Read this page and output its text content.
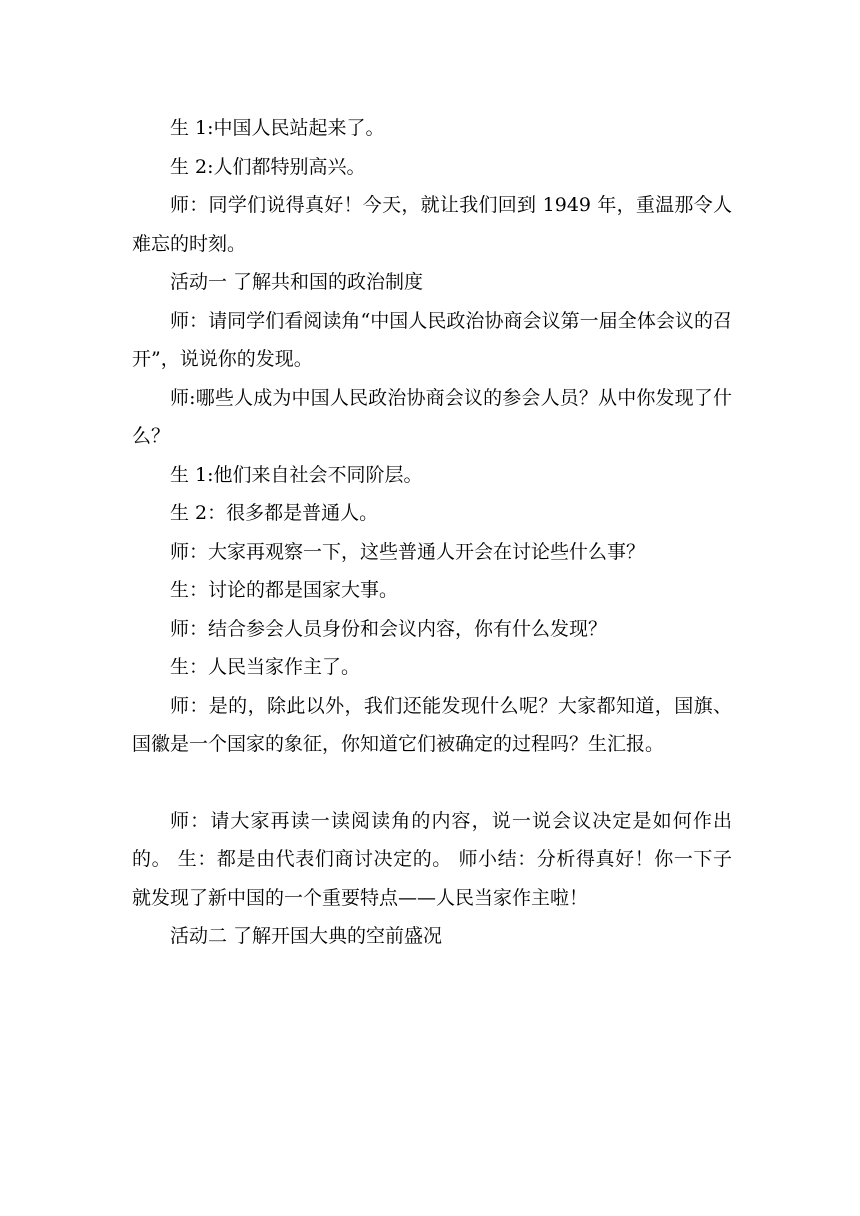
生 1:中国人民站起来了。

生 2:人们都特别高兴。

师：同学们说得真好！今天，就让我们回到 1949 年，重温那令人难忘的时刻。

活动一 了解共和国的政治制度

师：请同学们看阅读角“中国人民政治协商会议第一届全体会议的召开”，说说你的发现。

师:哪些人成为中国人民政治协商会议的参会人员？从中你发现了什么？

生 1:他们来自社会不同阶层。

生 2：很多都是普通人。

师：大家再观察一下，这些普通人开会在讨论些什么事？

生：讨论的都是国家大事。

师：结合参会人员身份和会议内容，你有什么发现？

生：人民当家作主了。

师：是的，除此以外，我们还能发现什么呢？大家都知道，国旗、国徽是一个国家的象征，你知道它们被确定的过程吗？生汇报。

师：请大家再读一读阅读角的内容，说一说会议决定是如何作出的。 生：都是由代表们商讨决定的。 师小结：分析得真好！你一下子就发现了新中国的一个重要特点——人民当家作主啦！

活动二 了解开国大典的空前盛况
